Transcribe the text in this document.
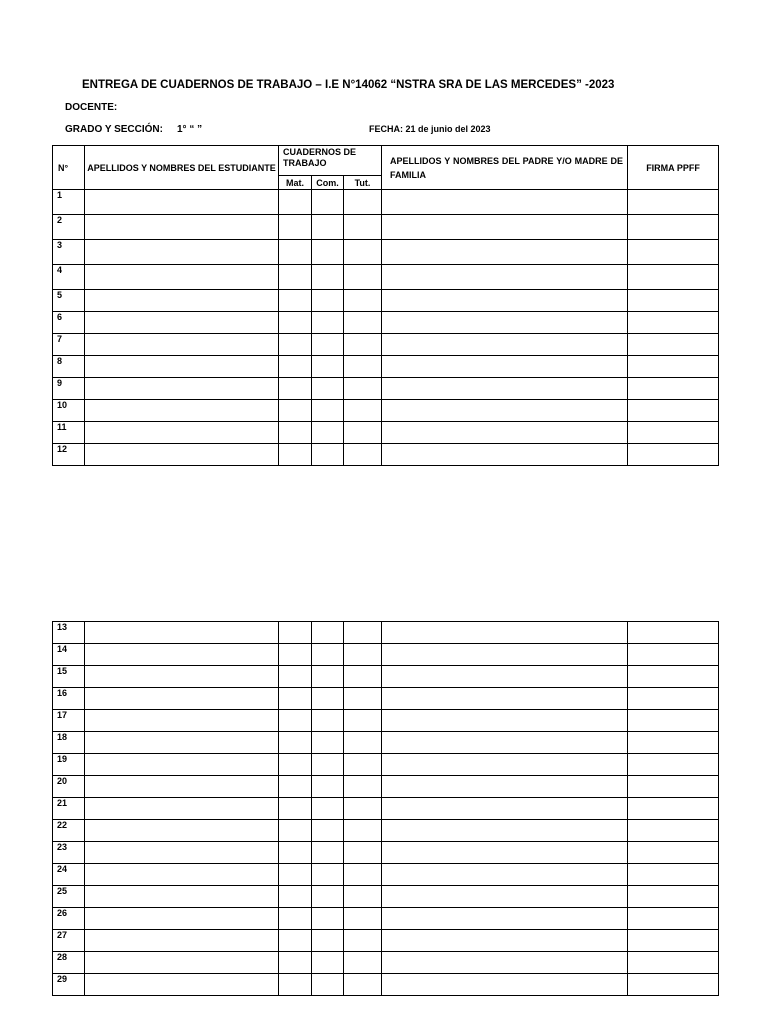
ENTREGA DE CUADERNOS DE TRABAJO – I.E N°14062 “NSTRA SRA DE LAS MERCEDES” -2023
DOCENTE:
GRADO Y SECCIÓN: 1° “ ”	FECHA: 21 de junio del 2023
N°	APELLIDOS Y NOMBRES DEL ESTUDIANTE	CUADERNOS DE TRABAJO			APELLIDOS Y NOMBRES DEL PADRE Y/O MADRE DE FAMILIA	FIRMA PPFF
		Mat.	Com.	Tut.		
1						
2						
3						
4						
5						
6						
7						
8						
9						
10						
11						
12						
13						
14						
15						
16						
17						
18						
19						
20						
21						
22						
23						
24						
25						
26						
27						
28						
29						
